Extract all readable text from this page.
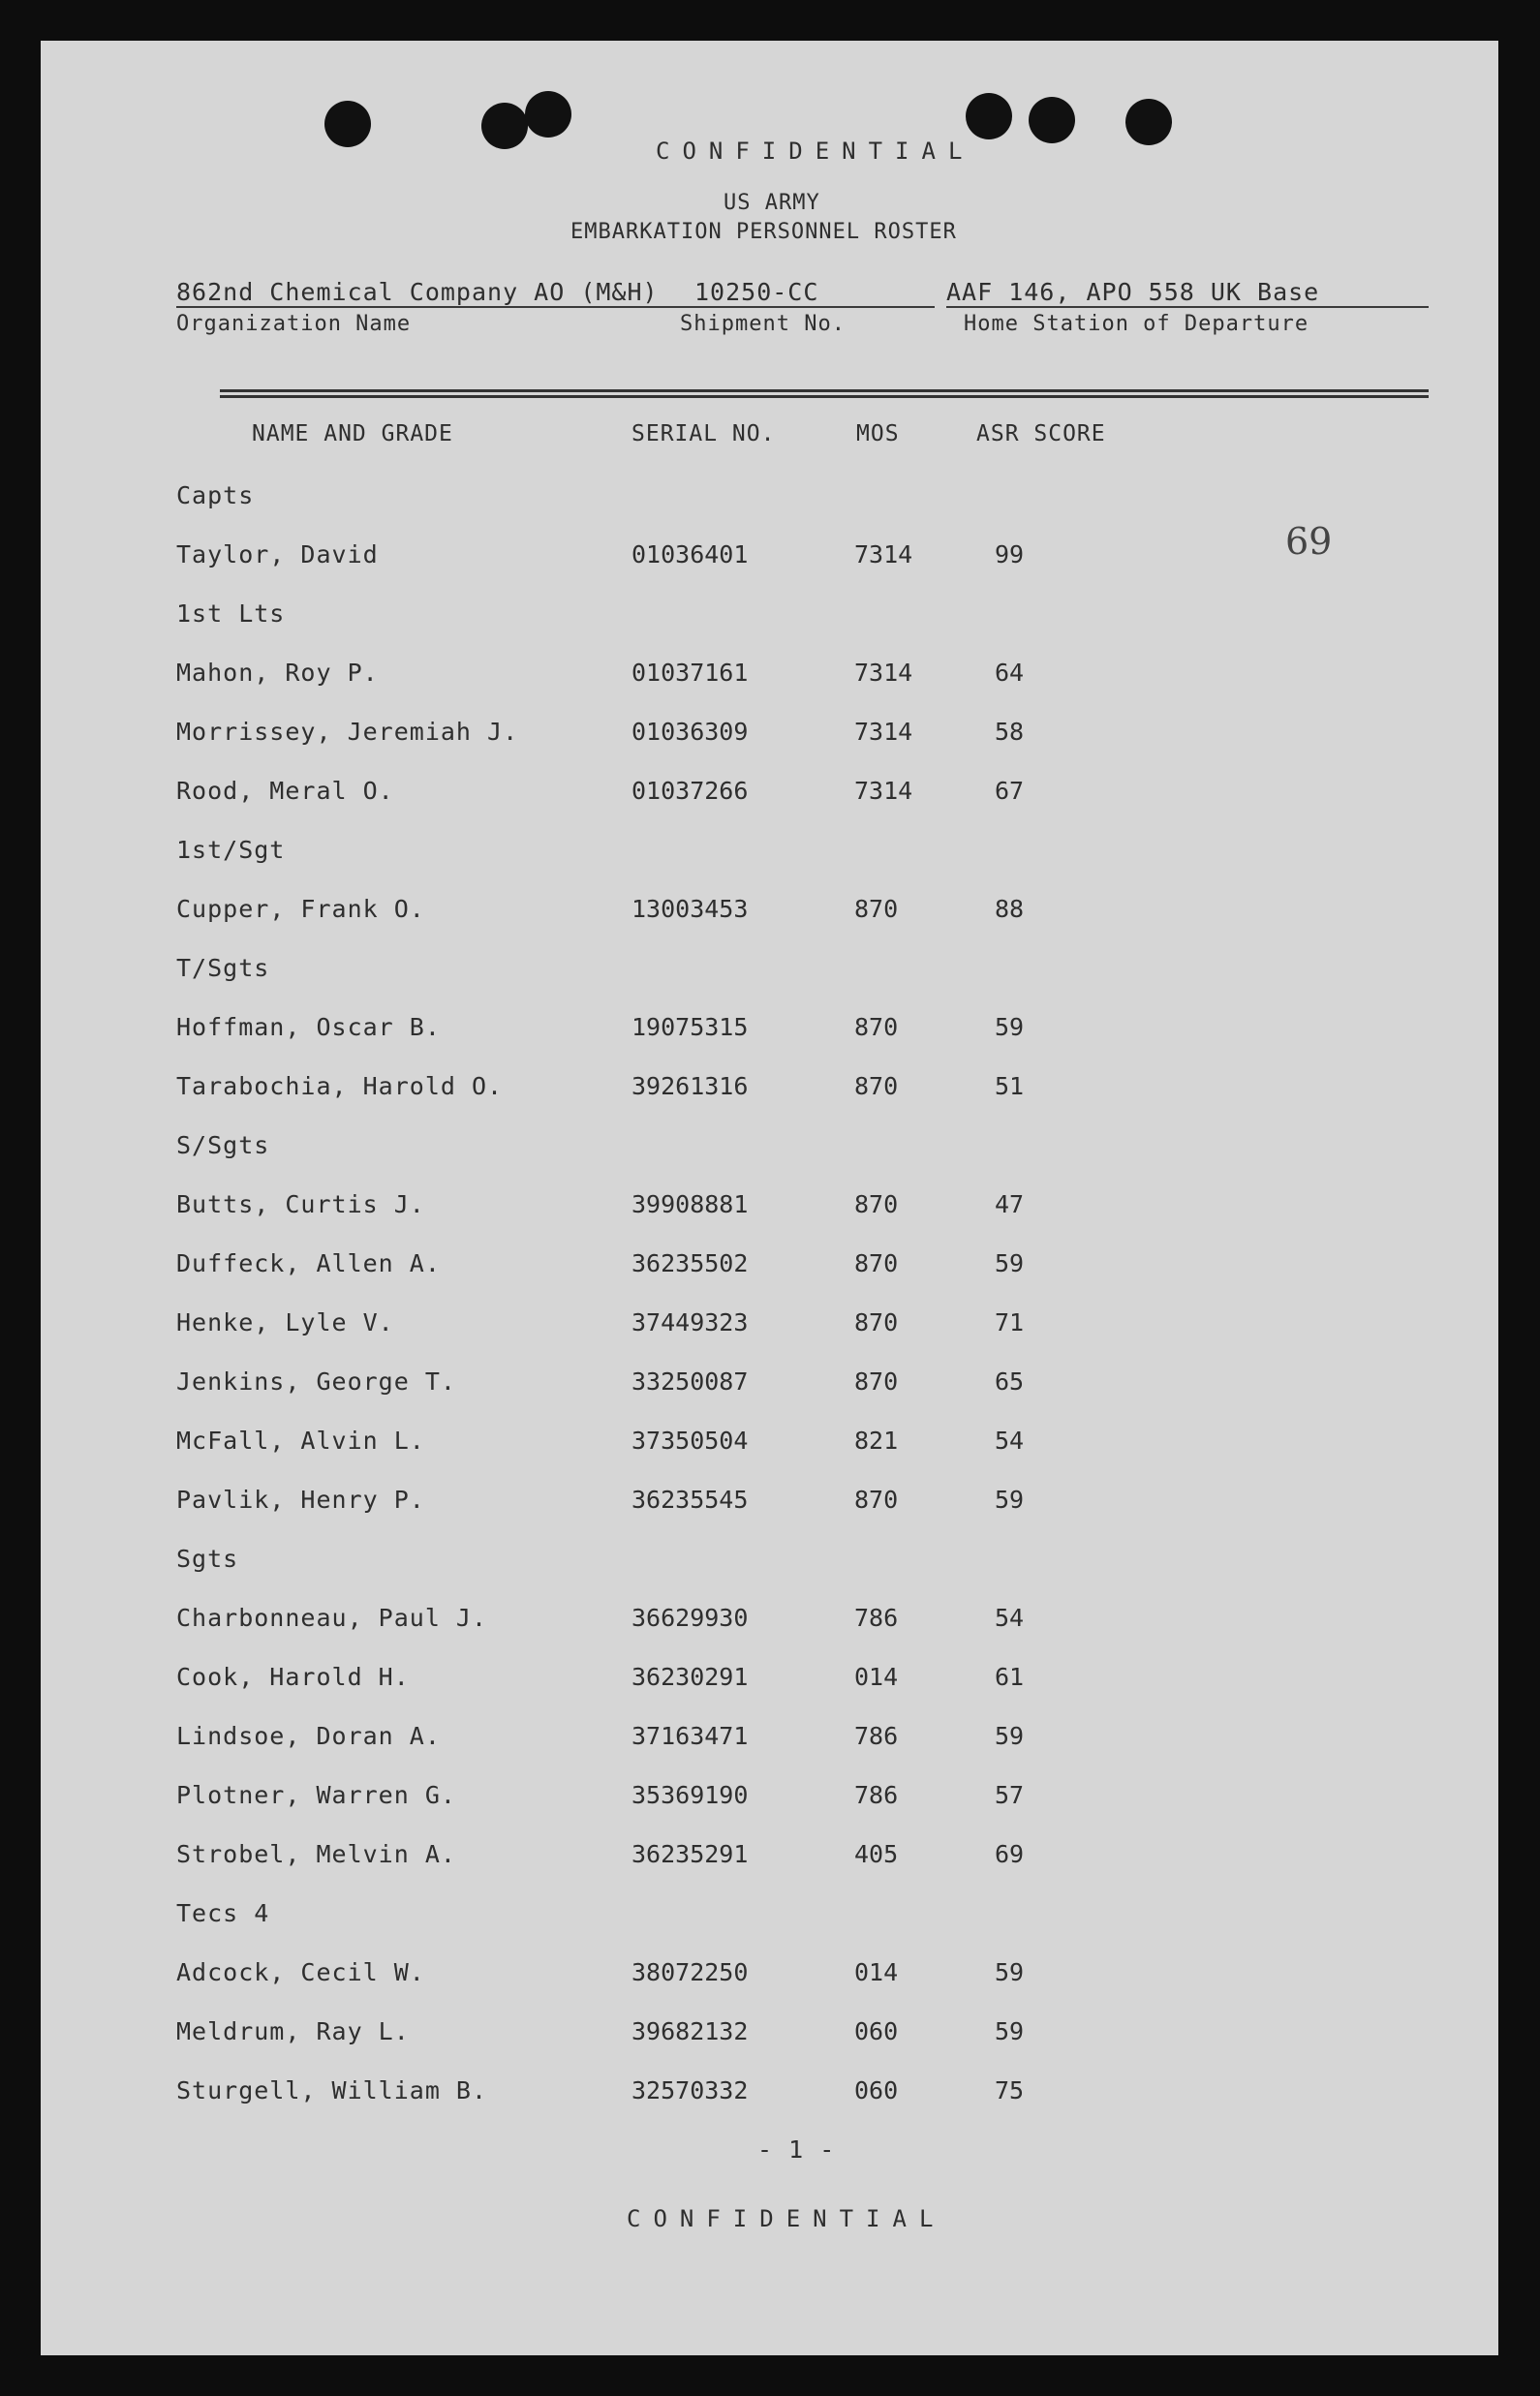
CONFIDENTIAL
US ARMY
EMBARKATION PERSONNEL ROSTER
862nd Chemical Company AO (M&H)
Organization Name
10250-CC
Shipment No.
AAF 146, APO 558 UK Base
Home Station of Departure
69
NAME AND GRADE	SERIAL NO.	MOS	ASR SCORE
Capts
Taylor, David	01036401	7314	99
1st Lts
Mahon, Roy P.	01037161	7314	64
Morrissey, Jeremiah J.	01036309	7314	58
Rood, Meral O.	01037266	7314	67
1st/Sgt
Cupper, Frank O.	13003453	870	88
T/Sgts
Hoffman, Oscar B.	19075315	870	59
Tarabochia, Harold O.	39261316	870	51
S/Sgts
Butts, Curtis J.	39908881	870	47
Duffeck, Allen A.	36235502	870	59
Henke, Lyle V.	37449323	870	71
Jenkins, George T.	33250087	870	65
McFall, Alvin L.	37350504	821	54
Pavlik, Henry P.	36235545	870	59
Sgts
Charbonneau, Paul J.	36629930	786	54
Cook, Harold H.	36230291	014	61
Lindsoe, Doran A.	37163471	786	59
Plotner, Warren G.	35369190	786	57
Strobel, Melvin A.	36235291	405	69
Tecs 4
Adcock, Cecil W.	38072250	014	59
Meldrum, Ray L.	39682132	060	59
Sturgell, William B.	32570332	060	75
- 1 -
CONFIDENTIAL
